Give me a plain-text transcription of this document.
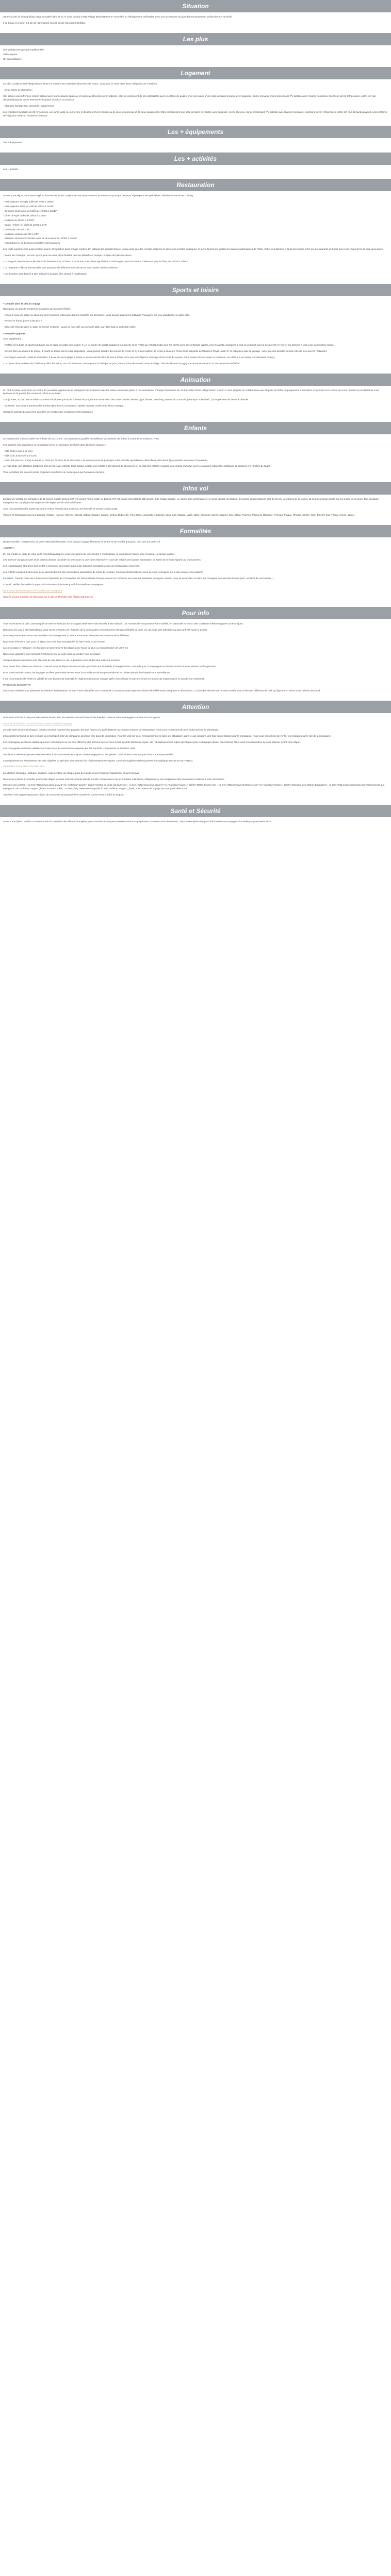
Situation

Située à côté de la magnifique plage de sable blanc et fin, le Club Coralia Cristal Village Beach Resort 4* vous offre un hébergement confortable avec une architecture qui joue harmonieusement la blancheur et la mixité.

Il se trouve à environ 2,5 km de Hammamet et à 25 km de l'aéroport d'Enfidha.

Les plus
Une architecture grecque traditionnelle
Vaste espace
Un bon ambiance
Logement

Le Club Coralia Cristal Village Beach Resort 4* compte 322 chambres blanches à la chaux. Vous avez le choix entre deux catégories de chambres :

- Deux sortes de chambres :

Ces pièces vous offrent un confort optimal avec leurs espaces spacieux et lumineux. Décorées avec sobriété, elles se composent de lits confortables avec une literie de qualité, d'un coin salon, d'une salle de bains privative avec baignoire, sèche-cheveux, miroir grossissant, TV satellite avec chaînes musicales, téléphone direct, réfrigérateur, coffre-fort (sur demande/payant), accès Internet Wi-Fi gratuit et balcon ou terrasse.

- Chambre familiale (sur demande / supplément) :

Les chambres familiales de 25 m² sont une vue sur le jardin ou sur la mer et disposent d'un lit double ou de deux lits jumeaux et de deux canapés-lits. Elles comprennent une salle de bains en marbre avec baignoire, sèche-cheveux, miroir grossissant, TV satellite avec chaînes musicales, téléphone direct, réfrigérateur, coffre-fort (sur demande/payant), accès Internet Wi-Fi gratuit et balcon meublé ou terrasse.

Les + équipements

Les + équipement :

Les + activités

Les + activités

Restauration

Durant votre séjour, vous serez logé en formule tout inclus comprenant les repas suivants au restaurant principal Veranda, réputé pour ses spécialités culinaires et son show cooking :

- Petit-déjeuner de style buffet de 7h00 à 10h00*
- Petit-déjeuner tardif au café de 10h15 à 11h15*
- Déjeuner sous forme de buffet de 12h30 à 14h30*
- Dîner de style buffet de 19h00 à 21h30*
- Collation de 15h00 à 17h00*
- Snack - Pizza (en plus) de 12h30 à 17h*
- Glaces de 10h00 à 23h*
- Collation nocturne de 23h à 23h*
- Sélection de boissons locales avec et sans alcool de 10h00 à minuit*

- L'Ecumbaya et de boissons importées sont payantes.

Les chefs expérimentés puiseront leur source d'inspiration dans chaque contrée. En utilisant des produits frais et locaux ainsi que des recettes inspirées et saines de recettes classiques, le menu fournit à la palette les saveurs authentiques de l'hôtel. Votre seul dilemme ? Quel bus choisir entre les 4 restaurants et 3 bars pour vivre l'expérience la plus savoureuse.

- Snack Bar Orangos : un coin sympa pour les amis et les familles pour se détendre et manger un choix de plats de saison.

- La Pergola Taverna est un lieu de sortie fabuleux pour un bistro sous la mer. Les clients apprécient la cuisine grecque et le service chaleureux pour le dîner de 19h00 à 21h00*

- Le restaurant Tiblissa est favorable pour proposer de délicieux fruits de mer et une cuisine méditerranéenne.

* Les horaires sont donnés à titre indicatif et peuvent être soumis à modification.

Sports et loisirs
• Compris dans le prix du voyage

Découvrez un plus de nombreuses activités que propose l'hôtel :

- Amusez-vous à la plage ou dans une des 5 piscines extérieures (dont 1 chauffée sur demande). Vous pouvez également pratiquer l'Aquagym, les jeux aquatiques, le water-polo.

- Restez en forme, jouez à des jeux !

- Bréez de l'énergie dans le salon de remise en forme ; jouez au mini-golf, au tennis de table, au volley-ball ou au beach-volley.

• En option payante

Avec supplément :

- Profitez de la base de sports nautiques sur la plage de sable pour goûter. Il y a un centre de sports nautiques tout proche de la l'hôtel qui est disponible pour les clients avec des certificats valides, avec 5 canots, 3 barques à voile et un kayak pour la découverte en mer et sur planche à voile avec un moniteur (supp.).

- Si vous êtes un amateur de tennis, 4 courts de tennis sont à votre disposition. Vous pouvez prendre des leçons de tennis et il y a des matériel de tennis à louer. Le Tennis Club fait partie de l'Ukinteur Royal Nation 5* et est à deux pas de la plage ; ainsi que des activités de bien-être de luxe avec le restaurant.

- Rechargez-vous à la moitié de vos loisirs, à deux pas de la plage. Il existe un centre de bien-être de luxe à l'hôtel sur le spa qui intègre le massage et les soins de la peau. Vous pouvez trouver aussi un hammam, un coiffeur et un sauna (sur demande / supp.)

- Le centre de la thalasso de l'hôtel vous offre des soins, Jacuzzi, hammam, massages et la thérapie en pont, sauna, soins de beauté, cures anti-âge ; bain bouillonnant (supp.). Le centre se trouve à 20 min de voiture de l'hôtel.

Animation

En Club Coralia, vous serez au centre de nouvelles expériences et partagerez des moments avec les autres vacanciers grâce à nos animations. L'équipe d'animation du Club Coralia Cristal Village Beach Resort 4* vous propose en collaboration avec l'équipe de l'hôtel un programme d'animation en journée et en soirée, qui vous donnera la possibilité de vous épanouir et de passer des vacances riches en activités.

- En journée, un plan des activités sportives et ludiques qui font le richesse du programme d'animation des clubs Coralia. Aerobic, gym, fitness, stretching, water-polo, tournois (pétanque, volley-ball...) vous permettront de vous défouler...

- En soirée, tous vous proposons des soirées rythmées et conviviales : Apéritif dansant, soirée jeux, show musique...

Certaines activités peuvent être annulées en fonction des conditions météorologiques.

Enfants

Le Coralia Kids Club accueille vos enfants de 4 à 12 ans. Les animateurs qualifiés accueilleront vos enfants, de 10h00 à 12h00 et de 14h00 à 17h00.

Les activités sont proposées en coopération avec un animateur de l'hôtel dans plusieurs langues :

- Kids Club (4 ans à 12 ans)
- Kids Club Junior (de 4 à 6 ans)

- Mini-Club (de 4 à 12 ans) en été et en hiver (en fonction de la demande). Les enfants pourront participer à des activités quotidiennes diversifiées selon leurs âges pendant les heures d'ouverture.

Au Kids Club, une sélection d'activités sera pensée aux enfants. Club Coralia invitera vos enfants à des ateliers de découverte et au club des enfants ! Laissez vos enfants s'amuser avec les activités culturelles, artistiques et sportives (en fonction de l'âge).

Pour les bébés, les parents seront organisés sous forme de rondes pour que l'activité se termine.

Infos vol

La flotte de Volotea est composée de 19 avions modèle Boeing 737 et 6 avions Airbus A319. Le Boeing 717 est équipé d'un total de 125 sièges, 5 de chaque rangée. Le sièges sont confortables et le siège central est attribué, les sièges couloir (places) sont de 81 cm. Les sièges de la rangée 12 sont des sièges situés sur les issues de secours. Tout passager voyageant sur ces sièges doit respecter des règles de sécurité spécifiques.

Avec l'incorporation des quatre nouveaux Airbus, Volotea aura des lieux une flotte de 23 avions courant 2016.

Volotea 70 destinations par leur propose Volotea : Ajaccio, Athènes, Biarritz, Bilbao, Cagliari, Catane, Corfou, Dubrovnik, Faro, Ibiza, Lanzarote, Heraklion, Ibiza, Kos, Malaga, Malte, Milan, Mykonos, Munich, Naples, Nice, Olbia, Palerme, Palma de Majorque, Pescara, Prague, Rhodes, Séville, Split, Tenerife Sud, Tirana, Venise, Zante...

Formalités

Bonne nouvelle : Compte tenu de votre nationalité française, vous pouvez voyager librement en Grèce et sur les îles grecques, quel que soit votre vol.

A NOTER :

En cas d'oubli ou perte de votre carte d'identité/passeport, nous vous prions de vous rendre à l'ambassade ou consulat de France pour récupérer un laissez-passer.

Les mineurs voyageant sans leurs parents devront posséder un passeport ou une carte d'identité en cours de validité ainsi qu'une autorisation de sortie de territoire signée par leurs parents.

Les ressortissants étrangers sont invités à s'informer des règles auprès des autorités consulaires et/ou de l'ambassade concernée.

Les enfants voyageant sans leurs deux parents doivent être munis d'une autorisation de sortie de territoire. Pour plus d'informations, merci de vous renseigner sur le site www.service-public.fr

Important : Dans le cadre de la lutte contre l'épidémie de Coronavirus, les ressortissants français doivent se conformer aux mesures sanitaires en vigueur dans le pays de destination et selon les consignes des autorités locales (test, certificat de vaccination...).

Conseil : vérifiez l'actualité du pays sur le site www.diplomatie.gouv.fr/fr/conseils-aux-voyageurs

https://www.diplomatie.gouv.fr/fr/conseils-aux-voyageurs

Cliquez ici pour consulter la fiche pays sur le site du Ministère des Affaires Étrangères

Pour info

Tous les horaires de vols communiqués ont été transmis par la compagnie aérienne et sont donnés à titre indicatif. Les horaires de vols peuvent être modifiés, en particulier en raison des conditions météorologiques ou techniques.

Dans tous les cas, il est impératif que vous soyez présents à la réception de la convocation comprenant les horaires définitifs de votre vol, qui vous sera adressée au plus tard 72h avant le départ.

Nous ne pouvons être tenus responsables d'un changement d'horaire entre votre réservation et la convocation définitive.

Nous vous informons que, pour un séjour, les nuits sont susceptibles de faire l'objet d'une écoute.

La convocation à l'aéroport ; les horaires se basent sur le décollage à une heure de plus ou moins l'horaire de votre vol.

Nous vous rappelons que l'aéroport n'est pas le lieu de votre point de rendez-vous de départ.

Certains départs ou retours sont effectués de nuit. Dans ce cas, la première et/ou la dernière nuit sera écourtée.

Vous devez être présent au minimum 2 heures avant le départ de votre vol pour procéder aux formalités d'enregistrement. Faute de quoi, la compagnie se réserve le droit de vous refuser l'embarquement.

Pour la sécurité de chacun, les bagages et effets personnels restent sous la surveillance de leur propriétaire et ne doivent jamais être laissés sans surveillance.

Il est recommandé de vérifier la validité de vos documents d'identité, la réglementation peut changer après votre départ et nous ne serons en aucun cas responsables en cas de non-conformité.

PRÉCISION DESCRIPTIF

Les photos utilisées pour présenter les hôtels et la destination ne sont à titre indicatif et non contractuel. Concernant votre logement, l'hôtel offre différentes catégories et décorations. La chambre allouée lors de votre arrivée pourra être une différente de celle qui figurent en photo sur le présent descriptif.

Attention

Nous vous informons que pour des raisons de sécurité, les mesures de restriction sur les liquides contenus dans les bagages cabines sont en vigueur.

mesures de restriction sur les liquides contenus dans les bagages

Lors de votre arrivée à l'aéroport, certains services pourront être payants, tels que l'accès à la salle d'attente ou certains services de restauration. Nous vous remercions de bien vouloir prévoir le nécessaire.

L'enregistrement peut se faire en ligne ou à l'aéroport selon la compagnie aérienne et le pays de destination. Pour les vols low cost, l'enregistrement en ligne est obligatoire, dans le cas contraire, des frais seront facturés par la compagnie. Nous vous conseillons de vérifier les modalités sur le site de la compagnie.

Les compagnies aériennes utilisées pour les vols charters ou low cost offrent le plus souvent des services à bord payants (boissons, repas, etc.) et appliquent des règles spécifiques pour les bagages (poids, dimensions). Nous vous recommandons de vous informer avant votre départ.

Les compagnies aériennes utilisées ont toutes reçu les autorisations requises par les autorités compétentes de l'aviation civile.

Les liaisons aériennes peuvent être soumises à des contraintes techniques, météorologiques ou des grèves. Ces incidents n'entrent pas dans notre responsabilité.

L'enregistrement et le traitement des vols réguliers ou spéciaux sont soumis à la réglementation en vigueur. Des frais supplémentaires peuvent être appliqués en cas de non-respect.

INFORMATIONS AUX VOYAGEURS :

La situation climatique, politique, sanitaire, réglementaire de chaque pays du monde peuvent changer rapidement et sans préavis.

Nous vous invitons à consulter avant votre départ les sites Internet suivants afin de prendre connaissance des éventuelles restrictions, obligations ou tout simplement des informations relatives à votre destination.

Ministère de la Santé : <a href="http://www.sante.gouv.fr" rel="nofollow" target="_blank">Institut de veille sanitaire</a> : <a href="http://www.invs.sante.fr" rel="nofollow" target="_blank">Météo France</a> : <a href="http://www.meteofrance.com" rel="nofollow" target="_blank">Ministère des Affaires Étrangères : <a href="http://www.diplomatie.gouv.fr/fr/conseils-aux-voyageurs" rel="nofollow" target="_blank">Service public : <a href="http://www.service-public.fr" rel="nofollow" target="_blank">Documents de voyage pour les particuliers.</a>

Toutefois il est rappelé qu'aucune région du monde ne saurait peut-être considérée comme étant à l'abri de risques.

Santé et Sécurité

Avant votre départ, veuillez consulter le site du ministère des Affaires étrangères pour consulter les risques sanitaires existants qui peuvent concerner votre destination : https://www.diplomatie.gouv.fr/fr/conseils-aux-voyageurs/conseils-par-pays-destination/
